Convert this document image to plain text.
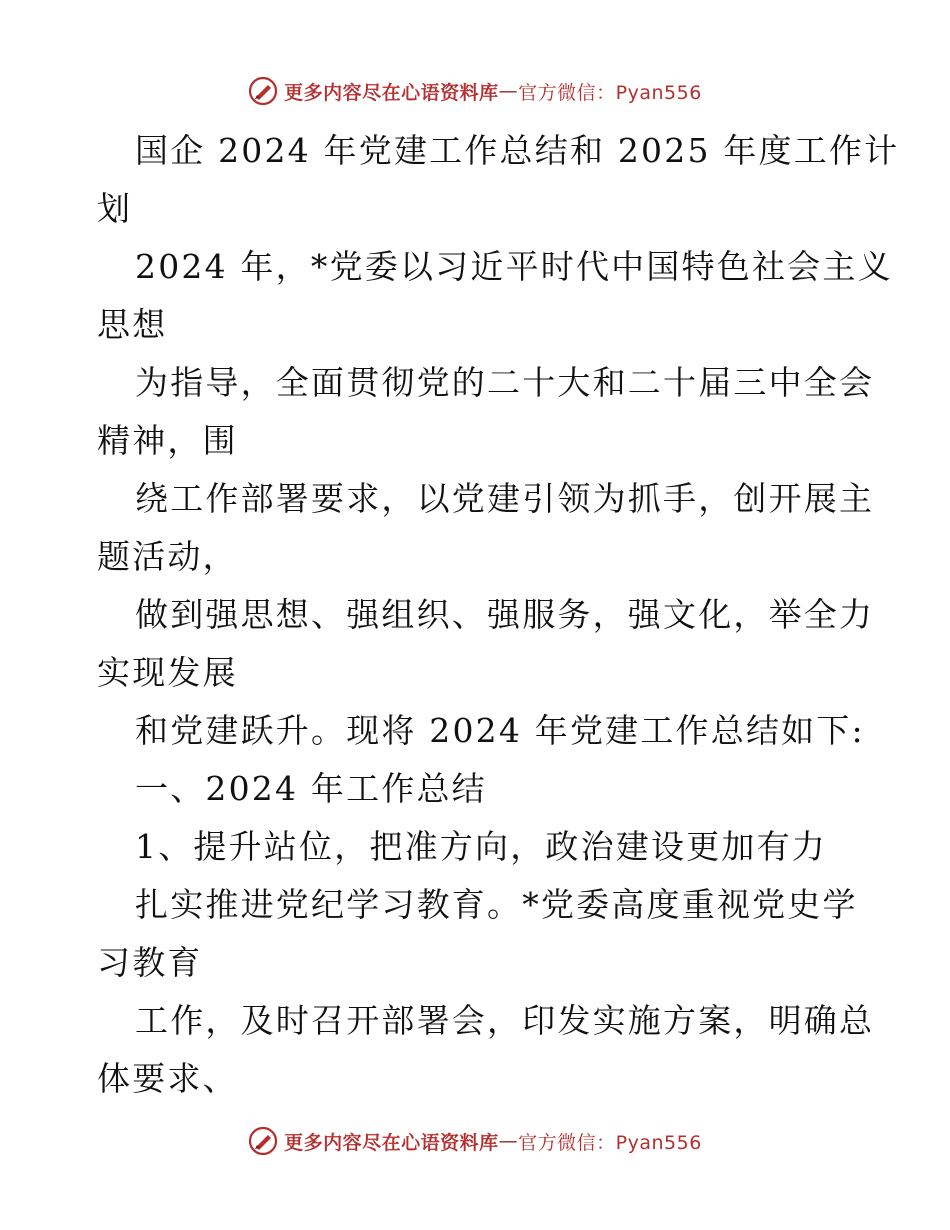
更多内容尽在心语资料库 — 官方微信：Pyan556

国企 2024 年党建工作总结和 2025 年度工作计

划

2024 年，*党委以习近平时代中国特色社会主义

思想

为指导，全面贯彻党的二十大和二十届三中全会

精神，围

绕工作部署要求，以党建引领为抓手，创开展主

题活动，

做到强思想、强组织、强服务，强文化，举全力

实现发展

和党建跃升。现将 2024 年党建工作总结如下:

一、2024 年工作总结

1、提升站位，把准方向，政治建设更加有力

扎实推进党纪学习教育。*党委高度重视党史学

习教育

工作，及时召开部署会，印发实施方案，明确总

体要求、

更多内容尽在心语资料库 — 官方微信：Pyan556
